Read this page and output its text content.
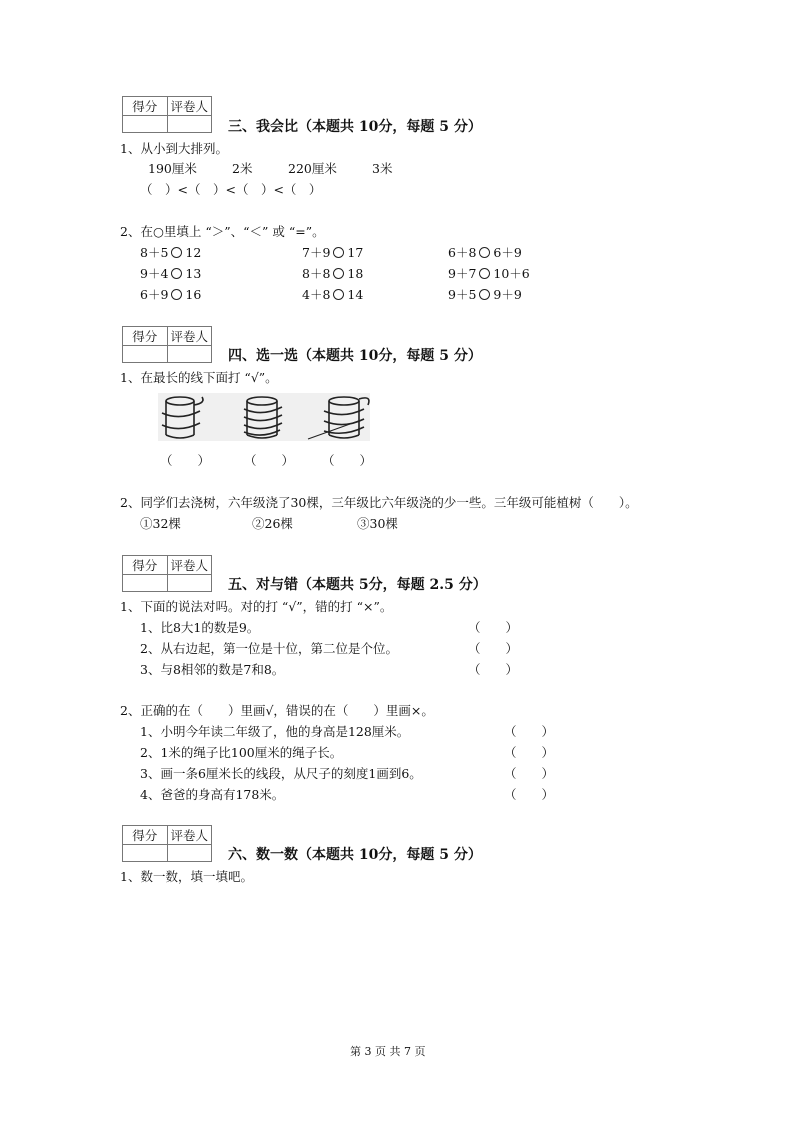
得分	评卷人

三、我会比（本题共 10分，每题 5 分）
1、从小到大排列。
190厘米	2米	220厘米	3米
（　）<（　）<（　）<（　）
2、在○里填上 “＞”、“＜” 或 “=”。
8＋5 12	7＋9 17	6＋8 6＋9
9＋4 13	8＋8 18	9＋7 10＋6
6＋9 16	4＋8 14	9＋5 9＋9
得分	评卷人

四、选一选（本题共 10分，每题 5 分）
1、在最长的线下面打 “√”。
（　　）	（　　） （　　）
2、同学们去浇树，六年级浇了30棵，三年级比六年级浇的少一些。三年级可能植树（　　）。
①32棵	②26棵	③30棵
得分	评卷人

五、对与错（本题共 5分，每题 2.5 分）
1、下面的说法对吗。对的打 “√”，错的打 “×”。
1、比8大1的数是9。	（　　）
2、从右边起，第一位是十位，第二位是个位。	（　　）
3、与8相邻的数是7和8。	（　　）
2、正确的在（　　）里画√，错误的在（　　）里画×。
1、小明今年读二年级了，他的身高是128厘米。	（　　）
2、1米的绳子比100厘米的绳子长。	（　　）
3、画一条6厘米长的线段，从尺子的刻度1画到6。	（　　）
4、爸爸的身高有178米。	（　　）
得分	评卷人

六、数一数（本题共 10分，每题 5 分）
1、数一数，填一填吧。
第 3 页 共 7 页
